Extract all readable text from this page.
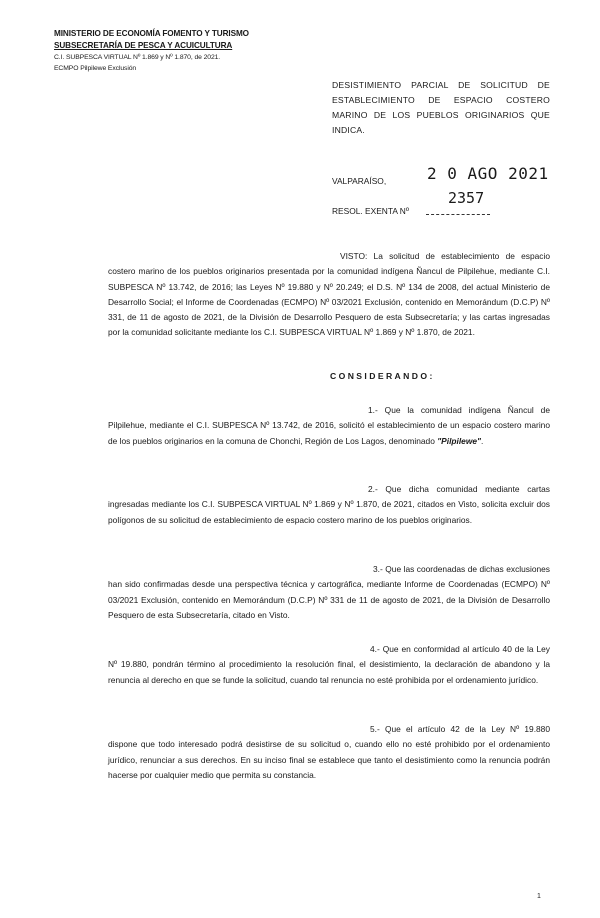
MINISTERIO DE ECONOMÍA FOMENTO Y TURISMO
SUBSECRETARÍA DE PESCA Y ACUICULTURA
C.I. SUBPESCA VIRTUAL Nº 1.869 y Nº 1.870, de 2021.
ECMPO Pilpilewe Exclusión
DESISTIMIENTO PARCIAL DE SOLICITUD DE ESTABLECIMIENTO DE ESPACIO COSTERO MARINO DE LOS PUEBLOS ORIGINARIOS QUE INDICA.
VALPARAÍSO,	2 0 AGO 2021
2357
RESOL. EXENTA Nº
VISTO: La solicitud de establecimiento de espacio costero marino de los pueblos originarios presentada por la comunidad indígena Ñancul de Pilpilehue, mediante C.I. SUBPESCA Nº 13.742, de 2016; las Leyes Nº 19.880 y Nº 20.249; el D.S. Nº 134 de 2008, del actual Ministerio de Desarrollo Social; el Informe de Coordenadas (ECMPO) Nº 03/2021 Exclusión, contenido en Memorándum (D.C.P) Nº 331, de 11 de agosto de 2021, de la División de Desarrollo Pesquero de esta Subsecretaría; y las cartas ingresadas por la comunidad solicitante mediante los C.I. SUBPESCA VIRTUAL Nº 1.869 y Nº 1.870, de 2021.
CONSIDERANDO:
1.- Que la comunidad indígena Ñancul de Pilpilehue, mediante el C.I. SUBPESCA Nº 13.742, de 2016, solicitó el establecimiento de un espacio costero marino de los pueblos originarios en la comuna de Chonchi, Región de Los Lagos, denominado "Pilpilewe".
2.- Que dicha comunidad mediante cartas ingresadas mediante los C.I. SUBPESCA VIRTUAL Nº 1.869 y Nº 1.870, de 2021, citados en Visto, solicita excluir dos polígonos de su solicitud de establecimiento de espacio costero marino de los pueblos originarios.
3.- Que las coordenadas de dichas exclusiones han sido confirmadas desde una perspectiva técnica y cartográfica, mediante Informe de Coordenadas (ECMPO) Nº 03/2021 Exclusión, contenido en Memorándum (D.C.P) Nº 331 de 11 de agosto de 2021, de la División de Desarrollo Pesquero de esta Subsecretaría, citado en Visto.
4.- Que en conformidad al artículo 40 de la Ley Nº 19.880, pondrán término al procedimiento la resolución final, el desistimiento, la declaración de abandono y la renuncia al derecho en que se funde la solicitud, cuando tal renuncia no esté prohibida por el ordenamiento jurídico.
5.- Que el artículo 42 de la Ley Nº 19.880 dispone que todo interesado podrá desistirse de su solicitud o, cuando ello no esté prohibido por el ordenamiento jurídico, renunciar a sus derechos. En su inciso final se establece que tanto el desistimiento como la renuncia podrán hacerse por cualquier medio que permita su constancia.
1
